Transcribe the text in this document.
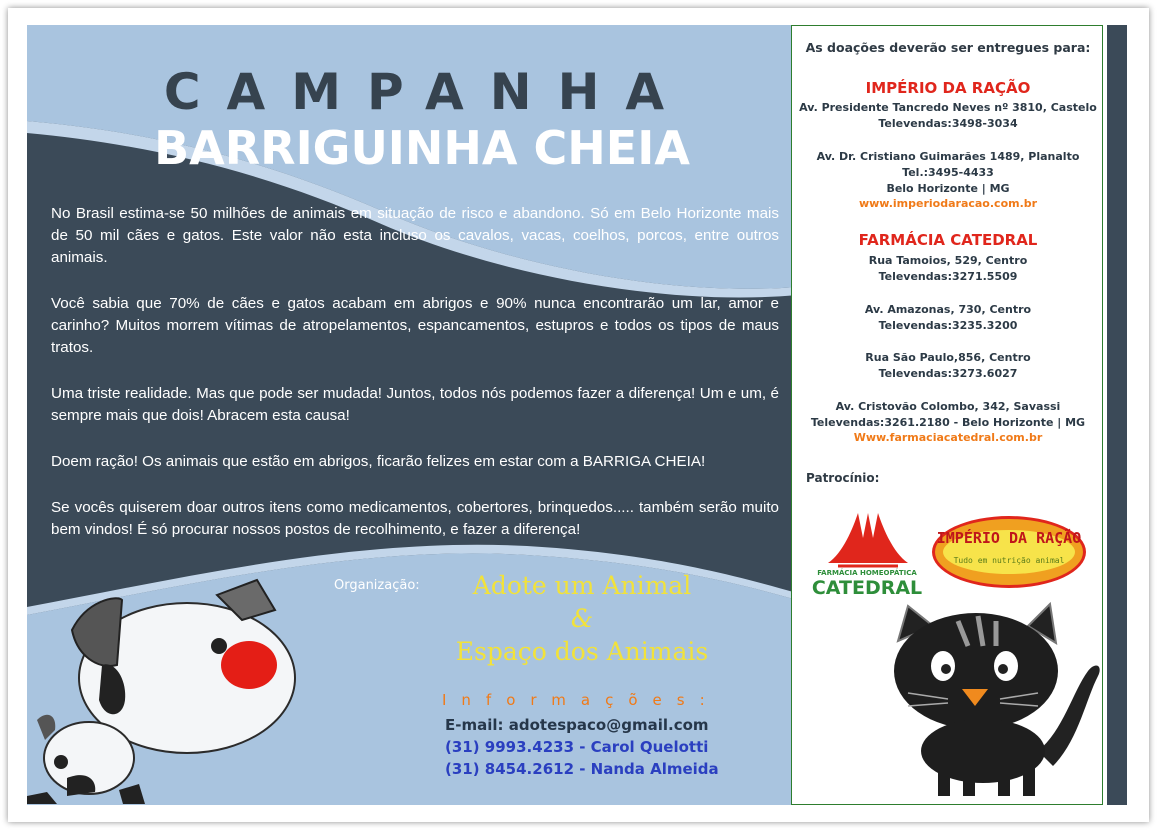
CAMPANHA
BARRIGUINHA CHEIA

No Brasil estima-se 50 milhões de animais em situação de risco e abandono. Só em Belo Horizonte mais de 50 mil cães e gatos. Este valor não esta incluso os cavalos, vacas, coelhos, porcos, entre outros animais.

Você sabia que 70% de cães e gatos acabam em abrigos e 90% nunca encontrarão um lar, amor e carinho? Muitos morrem vítimas de atropelamentos, espancamentos, estupros e todos os tipos de maus tratos.

Uma triste realidade. Mas que pode ser mudada! Juntos, todos nós podemos fazer a diferença! Um e um, é sempre mais que dois! Abracem esta causa!

Doem ração! Os animais que estão em abrigos, ficarão felizes em estar com a BARRIGA CHEIA!

Se vocês quiserem doar outros itens como medicamentos, cobertores, brinquedos..... também serão muito bem vindos! É só procurar nossos postos de recolhimento, e fazer a diferença!

Organização:	Adote um Animal
&
Espaço dos Animais
Informações:
E-mail: adotespaco@gmail.com
(31) 9993.4233 - Carol Quelotti
(31) 8454.2612 - Nanda Almeida
As doações deverão ser entregues para:
IMPÉRIO DA RAÇÃO
Av. Presidente Tancredo Neves nº 3810, Castelo
Televendas:3498-3034
Av. Dr. Cristiano Guimarães 1489, Planalto
Tel.:3495-4433
Belo Horizonte | MG
www.imperiodaracao.com.br
FARMÁCIA CATEDRAL
Rua Tamoios, 529, Centro
Televendas:3271.5509
Av. Amazonas, 730, Centro
Televendas:3235.3200
Rua São Paulo,856, Centro
Televendas:3273.6027
Av. Cristovão Colombo, 342, Savassi
Televendas:3261.2180 - Belo Horizonte | MG
Www.farmaciacatedral.com.br
Patrocínio:
FARMÁCIA HOMEOPÁTICA
CATEDRAL
IMPÉRIO DA RAÇÃO
Tudo em nutrição animal
